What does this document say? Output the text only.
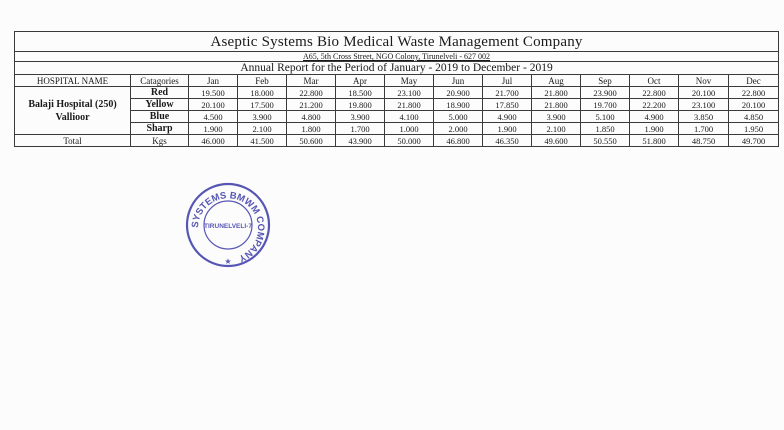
Aseptic Systems Bio Medical Waste Management Company													
A65, 5th Cross Street, NGO Colony, Tirunelveli - 627 002													
Annual Report for the Period of January - 2019 to December - 2019													
HOSPITAL NAME	Catagories	Jan	Feb	Mar	Apr	May	Jun	Jul	Aug	Sep	Oct	Nov	Dec
Balaji Hospital (250)
Vallioor	Red	19.500	18.000	22.800	18.500	23.100	20.900	21.700	21.800	23.900	22.800	20.100	22.800
	Yellow	20.100	17.500	21.200	19.800	21.800	18.900	17.850	21.800	19.700	22.200	23.100	20.100
	Blue	4.500	3.900	4.800	3.900	4.100	5.000	4.900	3.900	5.100	4.900	3.850	4.850
	Sharp	1.900	2.100	1.800	1.700	1.000	2.000	1.900	2.100	1.850	1.900	1.700	1.950
Total	Kgs	46.000	41.500	50.600	43.900	50.000	46.800	46.350	49.600	50.550	51.800	48.750	49.700
SYSTEMS BMWM COMPANY
TIRUNELVELI-7
★
